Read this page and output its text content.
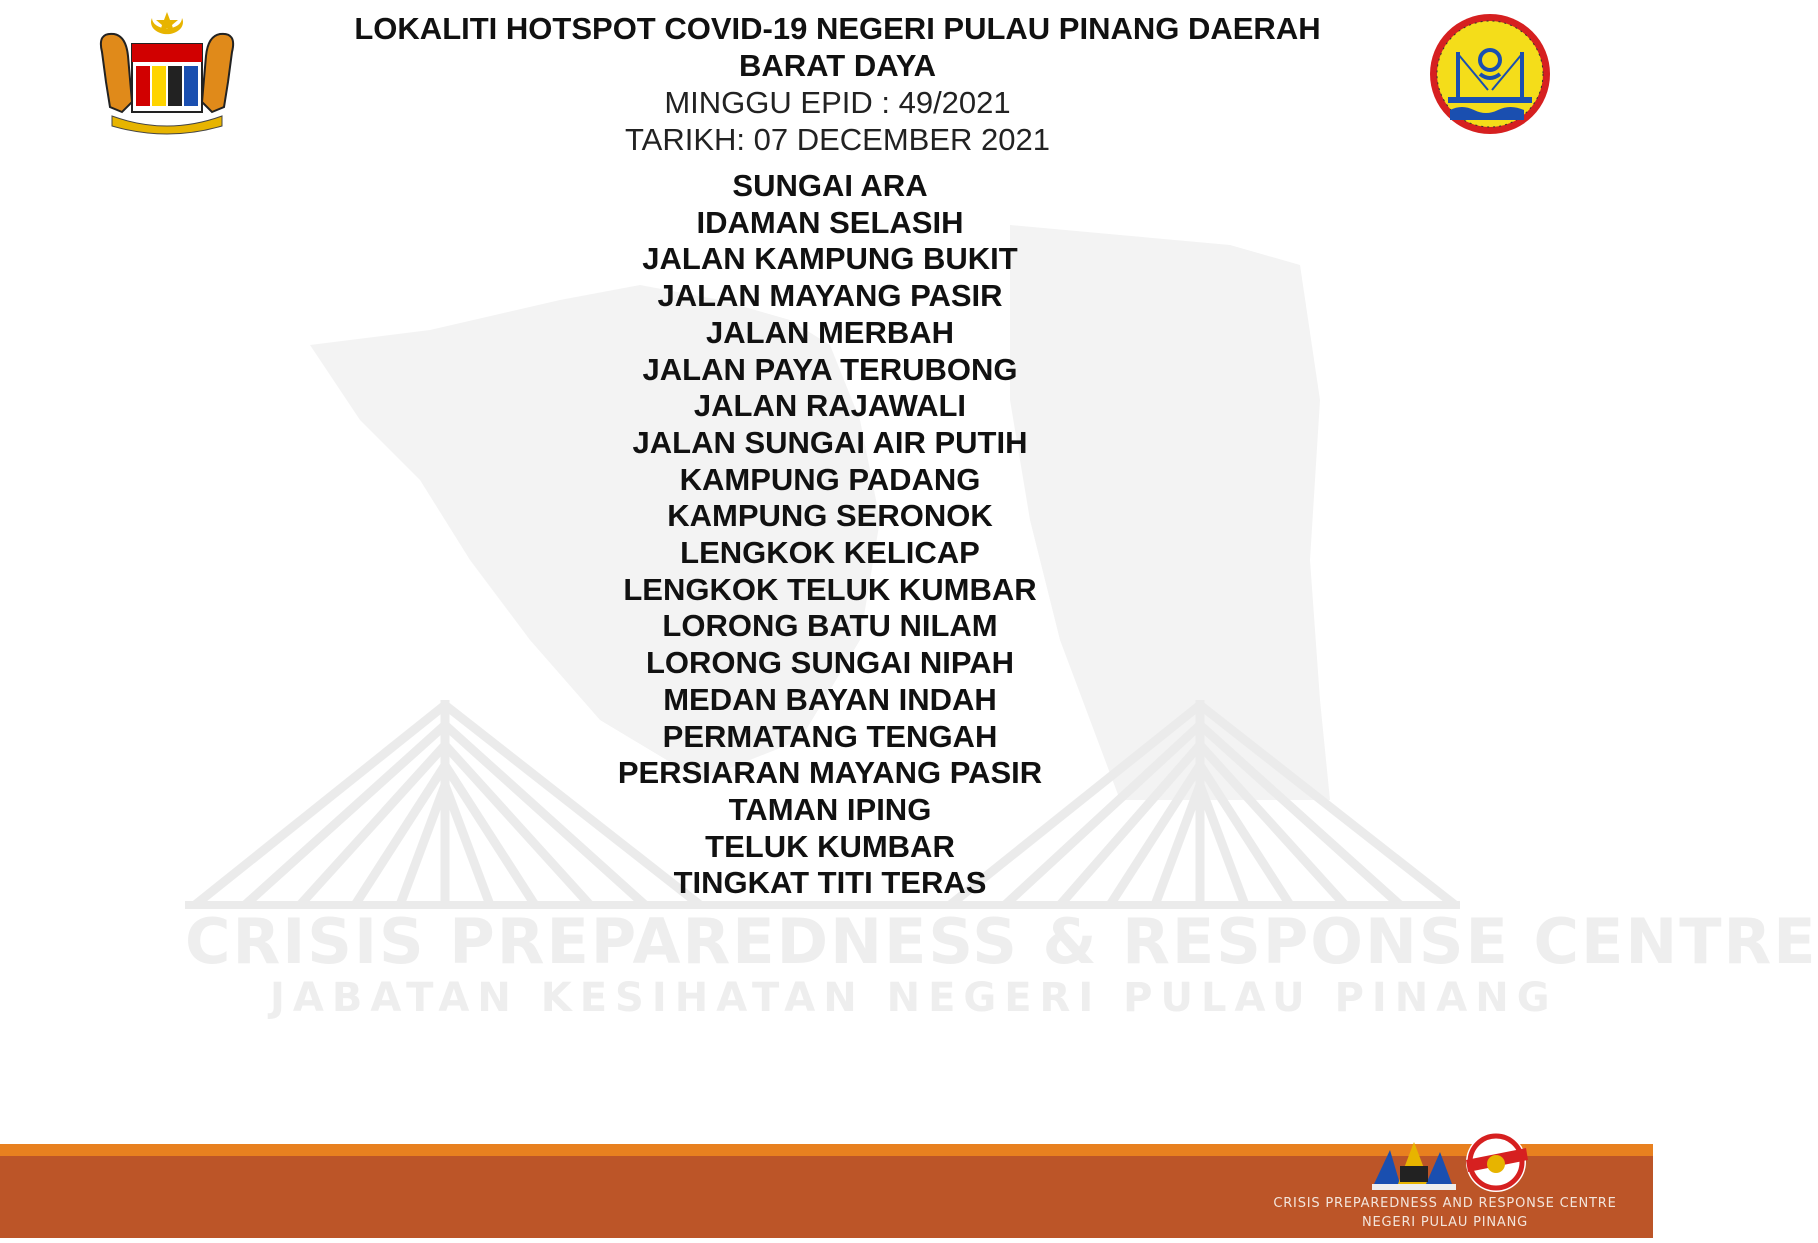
CRISIS PREPAREDNESS & RESPONSE CENTRE
JABATAN KESIHATAN NEGERI PULAU PINANG
LOKALITI HOTSPOT COVID-19 NEGERI PULAU PINANG DAERAH BARAT DAYA
MINGGU EPID : 49/2021
TARIKH: 07 DECEMBER 2021
SUNGAI ARA
IDAMAN SELASIH
JALAN KAMPUNG BUKIT
JALAN MAYANG PASIR
JALAN MERBAH
JALAN PAYA TERUBONG
JALAN RAJAWALI
JALAN SUNGAI AIR PUTIH
KAMPUNG PADANG
KAMPUNG SERONOK
LENGKOK KELICAP
LENGKOK TELUK KUMBAR
LORONG BATU NILAM
LORONG SUNGAI NIPAH
MEDAN BAYAN INDAH
PERMATANG TENGAH
PERSIARAN MAYANG PASIR
TAMAN IPING
TELUK KUMBAR
TINGKAT TITI TERAS
CRISIS PREPAREDNESS AND RESPONSE CENTRE
NEGERI PULAU PINANG
